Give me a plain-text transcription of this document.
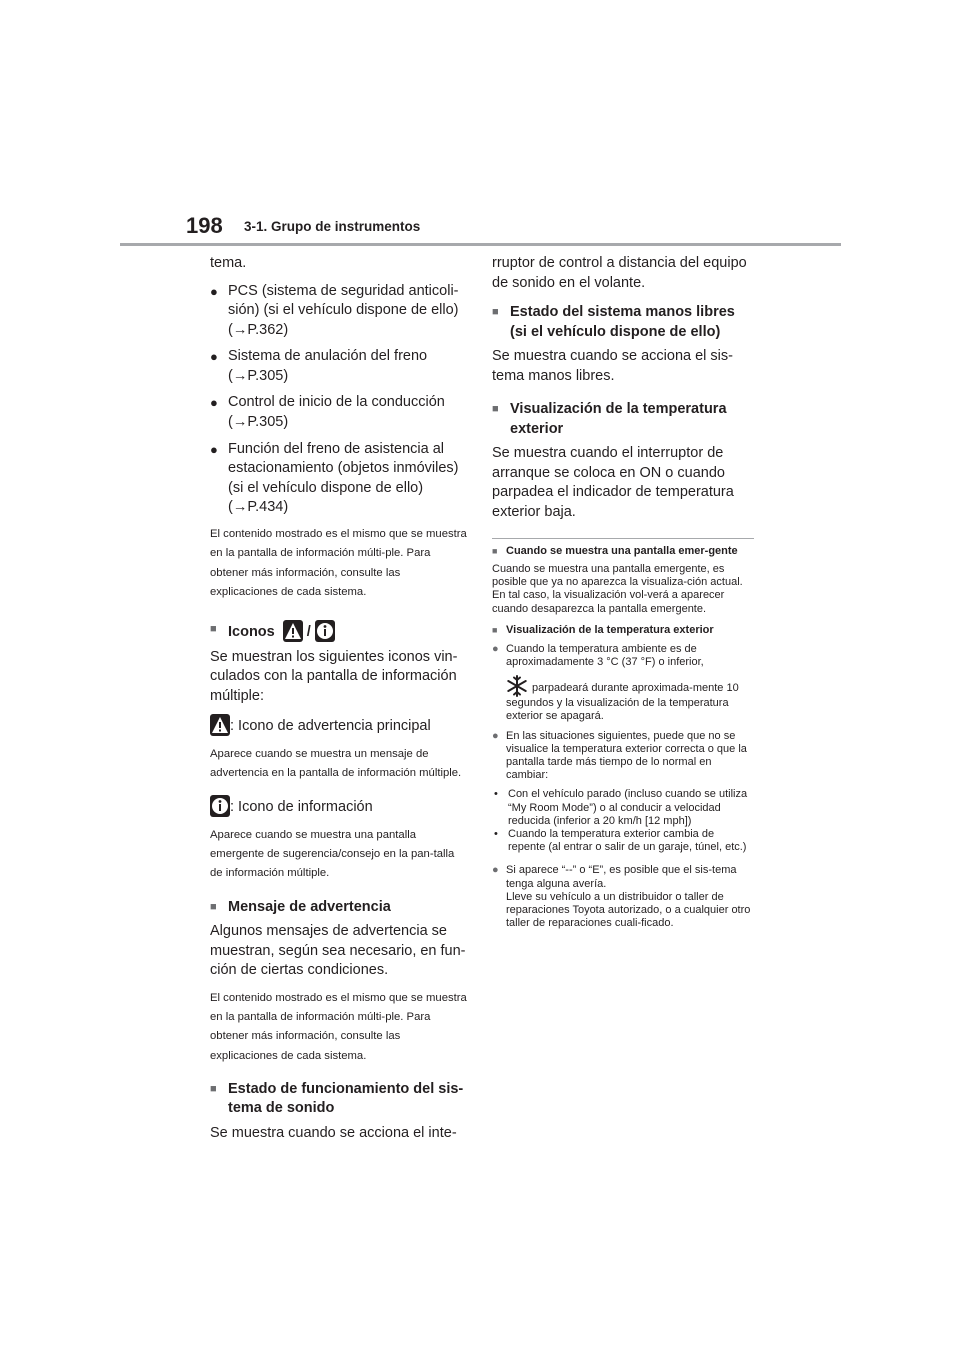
198 3-1. Grupo de instrumentos

tema.

● PCS (sistema de seguridad anticoli-sión) (si el vehículo dispone de ello)
(→P.362)
● Sistema de anulación del freno
(→P.305)
● Control de inicio de la conducción
(→P.305)
● Función del freno de asistencia al estacionamiento (objetos inmóviles) (si el vehículo dispone de ello)
(→P.434)

El contenido mostrado es el mismo que se muestra en la pantalla de información múlti-ple. Para obtener más información, consulte las explicaciones de cada sistema.

■ Iconos /

Se muestran los siguientes iconos vin-culados con la pantalla de información múltiple:

: Icono de advertencia principal

Aparece cuando se muestra un mensaje de advertencia en la pantalla de información múltiple.

: Icono de información

Aparece cuando se muestra una pantalla emergente de sugerencia/consejo en la pan-talla de información múltiple.

■ Mensaje de advertencia

Algunos mensajes de advertencia se muestran, según sea necesario, en fun-ción de ciertas condiciones.

El contenido mostrado es el mismo que se muestra en la pantalla de información múlti-ple. Para obtener más información, consulte las explicaciones de cada sistema.

■ Estado de funcionamiento del sis-tema de sonido

Se muestra cuando se acciona el inte-

rruptor de control a distancia del equipo de sonido en el volante.

■ Estado del sistema manos libres (si el vehículo dispone de ello)

Se muestra cuando se acciona el sis-tema manos libres.

■ Visualización de la temperatura exterior

Se muestra cuando el interruptor de arranque se coloca en ON o cuando parpadea el indicador de temperatura exterior baja.

■ Cuando se muestra una pantalla emer-gente

Cuando se muestra una pantalla emergente, es posible que ya no aparezca la visualiza-ción actual. En tal caso, la visualización vol-verá a aparecer cuando desaparezca la pantalla emergente.

■ Visualización de la temperatura exterior
● Cuando la temperatura ambiente es de aproximadamente 3 °C (37 °F) o inferior,

parpadeará durante aproximada-mente 10 segundos y la visualización de la temperatura exterior se apagará.

● En las situaciones siguientes, puede que no se visualice la temperatura exterior correcta o que la pantalla tarde más tiempo de lo normal en cambiar:
• Con el vehículo parado (incluso cuando se utiliza “My Room Mode”) o al conducir a velocidad reducida (inferior a 20 km/h [12 mph])
• Cuando la temperatura exterior cambia de repente (al entrar o salir de un garaje, túnel, etc.)
● Si aparece “--” o “E”, es posible que el sis-tema tenga alguna avería.
Lleve su vehículo a un distribuidor o taller de reparaciones Toyota autorizado, o a cualquier otro taller de reparaciones cuali-ficado.
